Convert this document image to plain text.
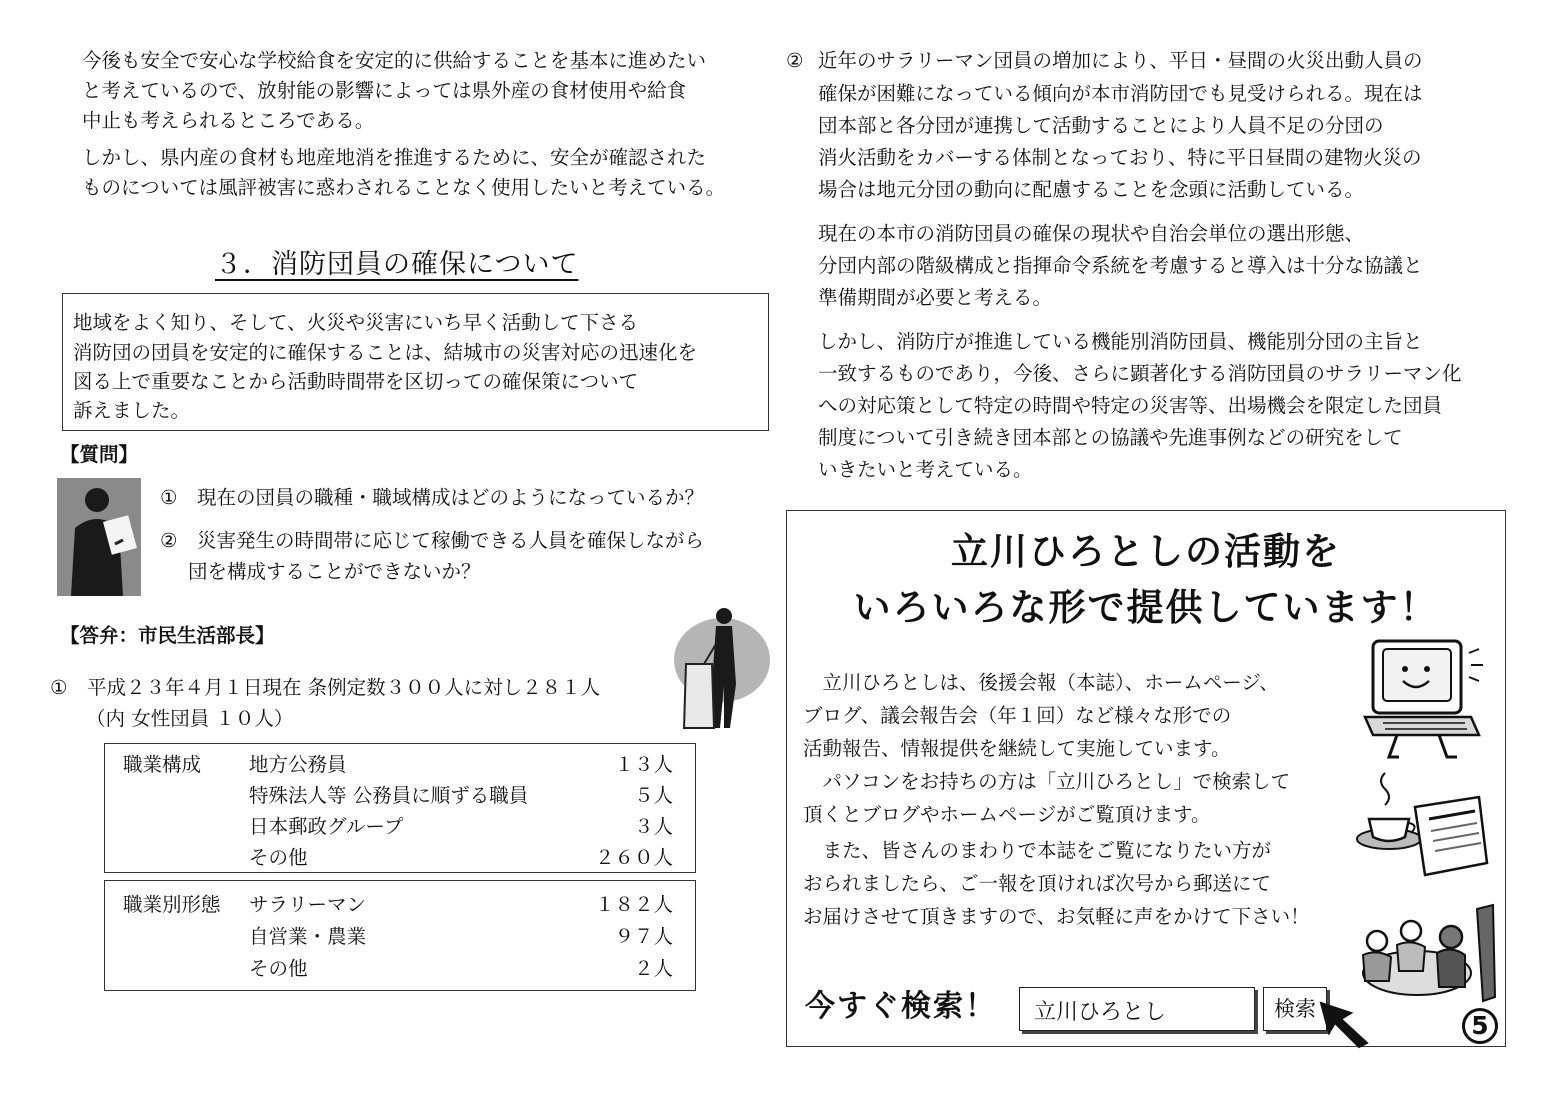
今後も安全で安心な学校給食を安定的に供給することを基本に進めたい
と考えているので、放射能の影響によっては県外産の食材使用や給食
中止も考えられるところである。
しかし、県内産の食材も地産地消を推進するために、安全が確認された
ものについては風評被害に惑わされることなく使用したいと考えている。
３．消防団員の確保について
地域をよく知り、そして、火災や災害にいち早く活動して下さる
消防団の団員を安定的に確保することは、結城市の災害対応の迅速化を
図る上で重要なことから活動時間帯を区切っての確保策について
訴えました。
【質問】
①　現在の団員の職種・職域構成はどのようになっているか？
②　災害発生の時間帯に応じて稼働できる人員を確保しながら
団を構成することができないか？
【答弁：市民生活部長】
①　平成２３年４月１日現在 条例定数３００人に対し２８１人
（内 女性団員 １０人）
職業構成 地方公務員	１３人
特殊法人等 公務員に順ずる職員	５人
日本郵政グループ	３人
その他	２６０人
職業別形態 サラリーマン	１８２人
自営業・農業	９７人
その他	２人
② 近年のサラリーマン団員の増加により、平日・昼間の火災出動人員の
確保が困難になっている傾向が本市消防団でも見受けられる。現在は
団本部と各分団が連携して活動することにより人員不足の分団の
消火活動をカバーする体制となっており、特に平日昼間の建物火災の
場合は地元分団の動向に配慮することを念頭に活動している。
現在の本市の消防団員の確保の現状や自治会単位の選出形態、
分団内部の階級構成と指揮命令系統を考慮すると導入は十分な協議と
準備期間が必要と考える。
しかし、消防庁が推進している機能別消防団員、機能別分団の主旨と
一致するものであり，今後、さらに顕著化する消防団員のサラリーマン化
への対応策として特定の時間や特定の災害等、出場機会を限定した団員
制度について引き続き団本部との協議や先進事例などの研究をして
いきたいと考えている。
立川ひろとしの活動を
いろいろな形で提供しています！
　立川ひろとしは、後援会報（本誌）、ホームページ、
ブログ、議会報告会（年１回）など様々な形での
活動報告、情報提供を継続して実施しています。
　パソコンをお持ちの方は「立川ひろとし」で検索して
頂くとブログやホームページがご覧頂けます。
　また、皆さんのまわりで本誌をご覧になりたい方が
おられましたら、ご一報を頂ければ次号から郵送にて
お届けさせて頂きますので、お気軽に声をかけて下さい！
今すぐ検索！	立川ひろとし	検索
5
